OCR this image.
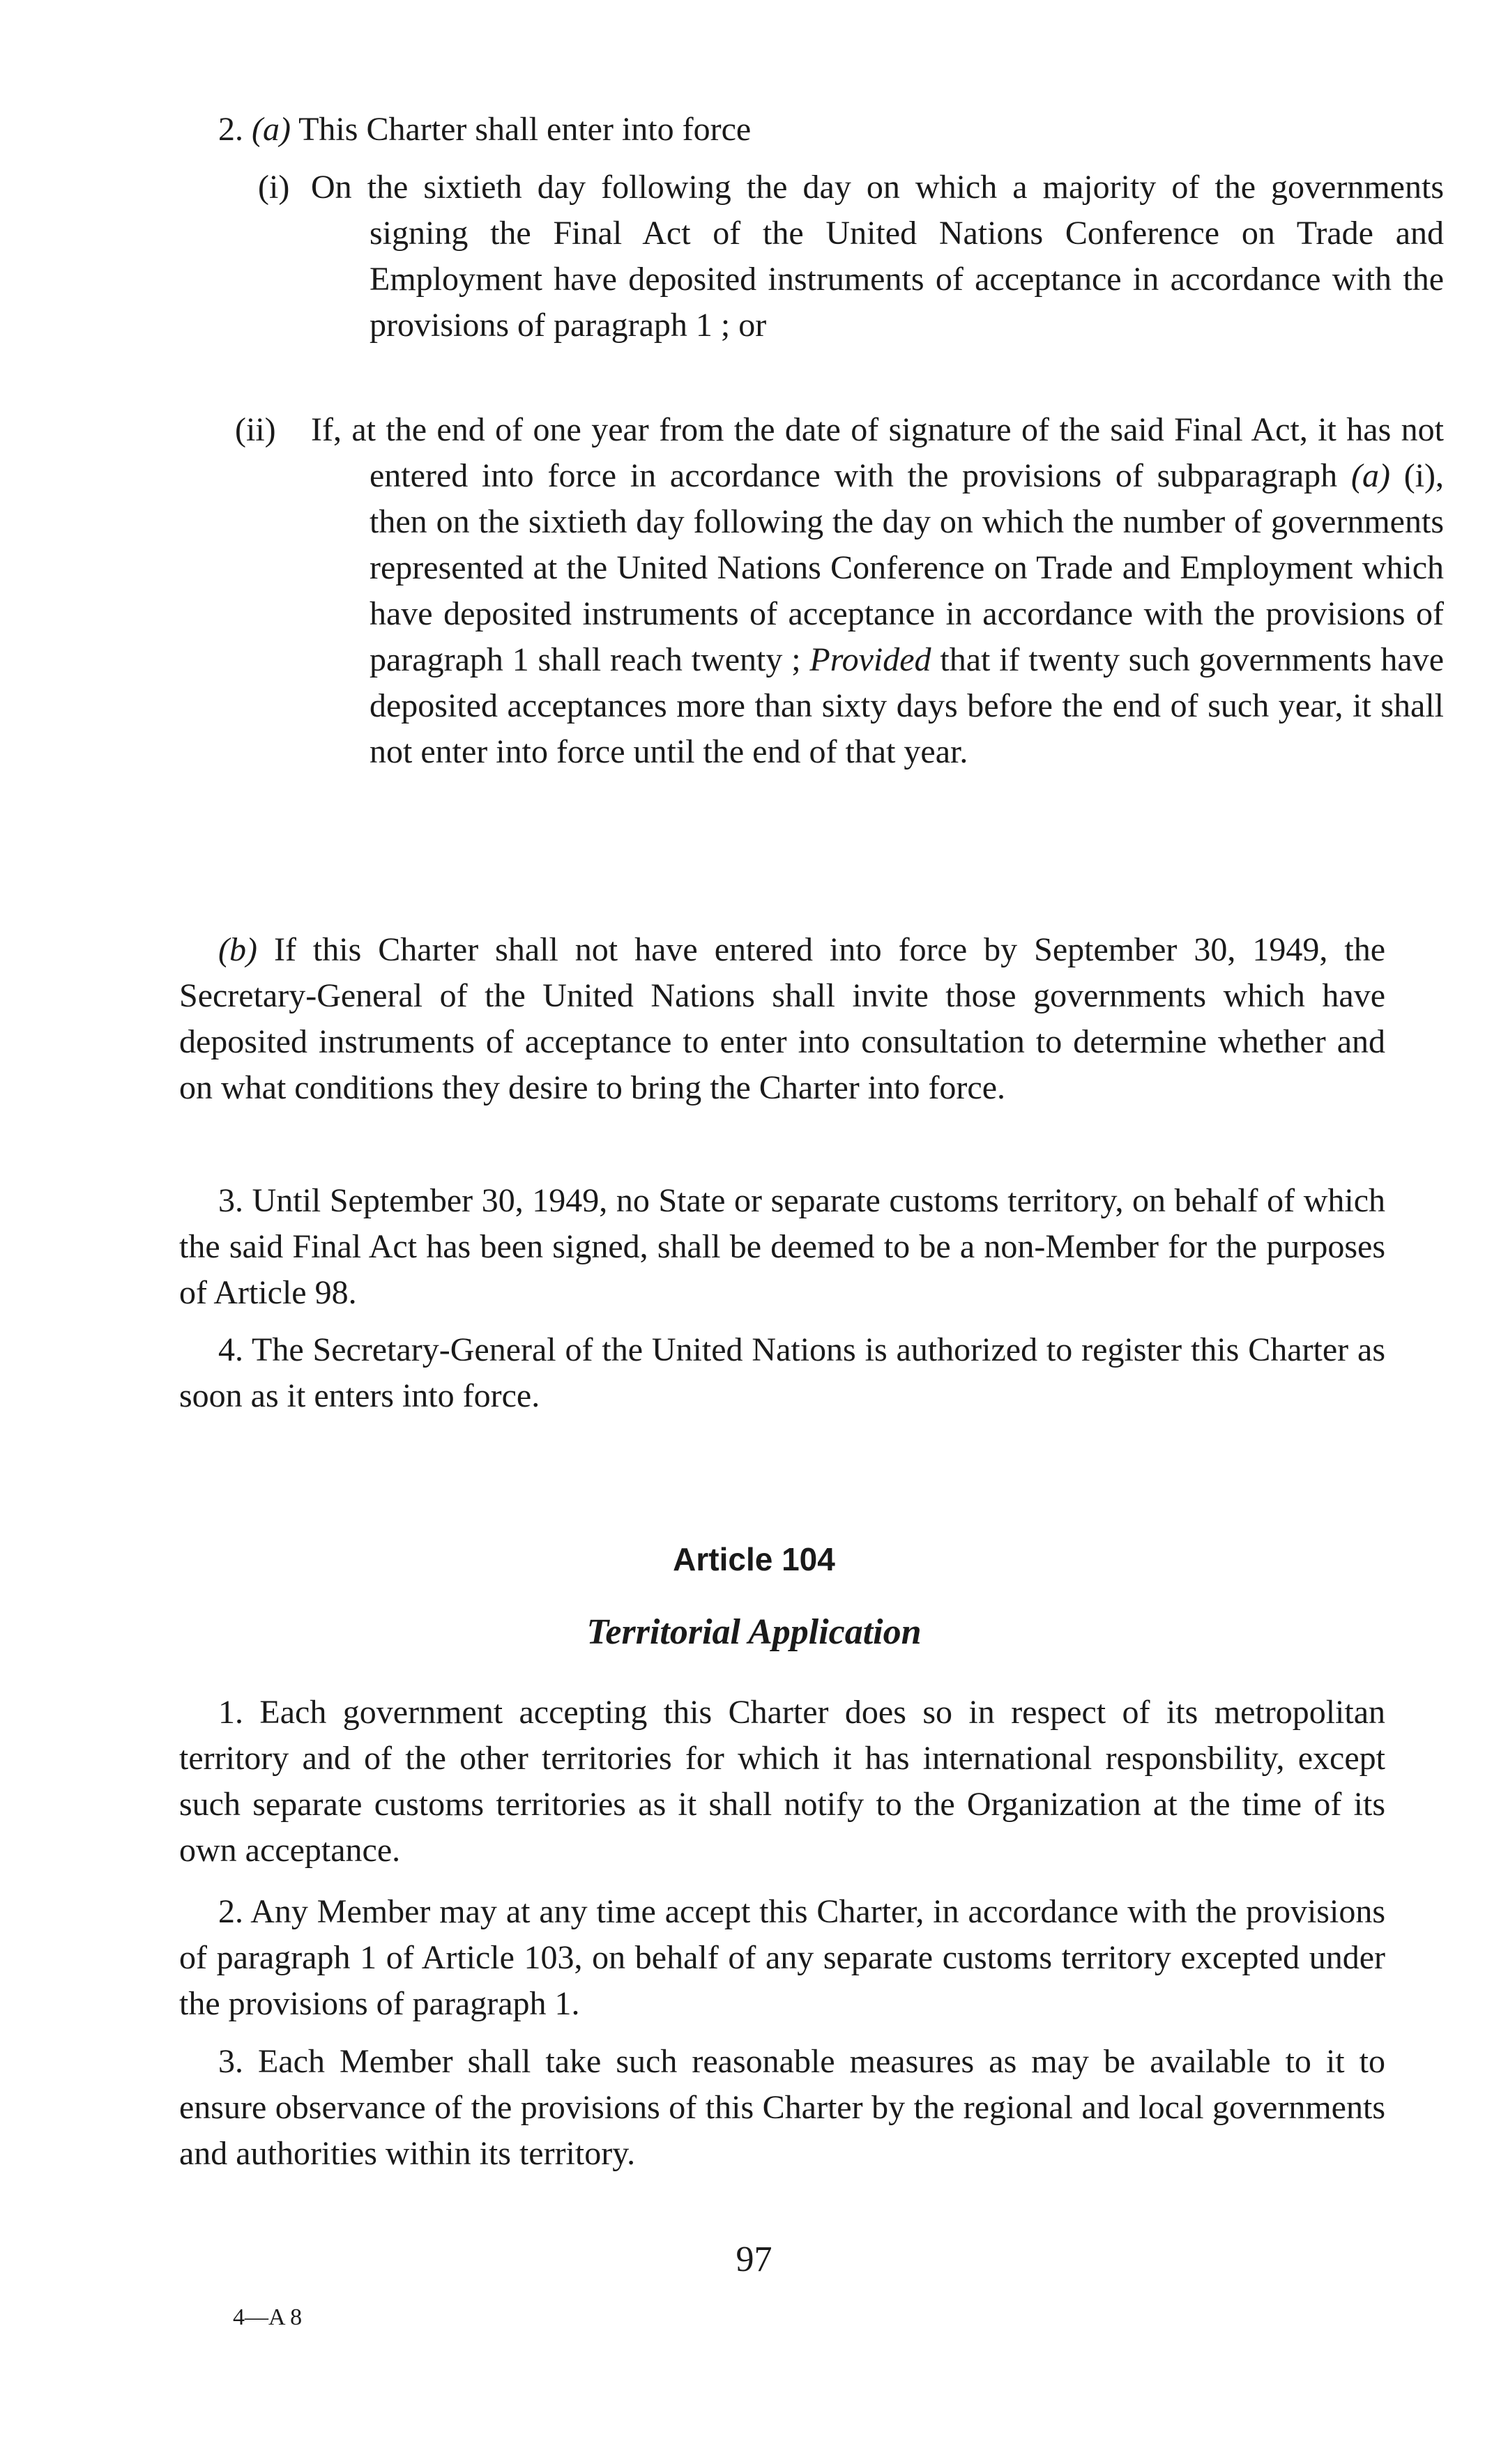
2. (a) This Charter shall enter into force

(i) On the sixtieth day following the day on which a majority of the governments signing the Final Act of the United Nations Conference on Trade and Employment have deposited instruments of acceptance in accordance with the provisions of paragraph 1 ; or

(ii) If, at the end of one year from the date of signature of the said Final Act, it has not entered into force in accordance with the provisions of subparagraph (a) (i), then on the sixtieth day following the day on which the number of governments represented at the United Nations Conference on Trade and Employment which have deposited instruments of acceptance in accordance with the provisions of paragraph 1 shall reach twenty ; Provided that if twenty such governments have deposited acceptances more than sixty days before the end of such year, it shall not enter into force until the end of that year.

(b) If this Charter shall not have entered into force by September 30, 1949, the Secretary-General of the United Nations shall invite those governments which have deposited instruments of acceptance to enter into consultation to determine whether and on what conditions they desire to bring the Charter into force.

3. Until September 30, 1949, no State or separate customs territory, on behalf of which the said Final Act has been signed, shall be deemed to be a non-Member for the purposes of Article 98.

4. The Secretary-General of the United Nations is authorized to register this Charter as soon as it enters into force.

Article 104
Territorial Application

1. Each government accepting this Charter does so in respect of its metropolitan territory and of the other territories for which it has international responsbility, except such separate customs territories as it shall notify to the Organization at the time of its own acceptance.

2. Any Member may at any time accept this Charter, in accordance with the provisions of paragraph 1 of Article 103, on behalf of any separate customs territory excepted under the provisions of paragraph 1.

3. Each Member shall take such reasonable measures as may be available to it to ensure observance of the provisions of this Charter by the regional and local governments and authorities within its territory.

97
4—A 8
